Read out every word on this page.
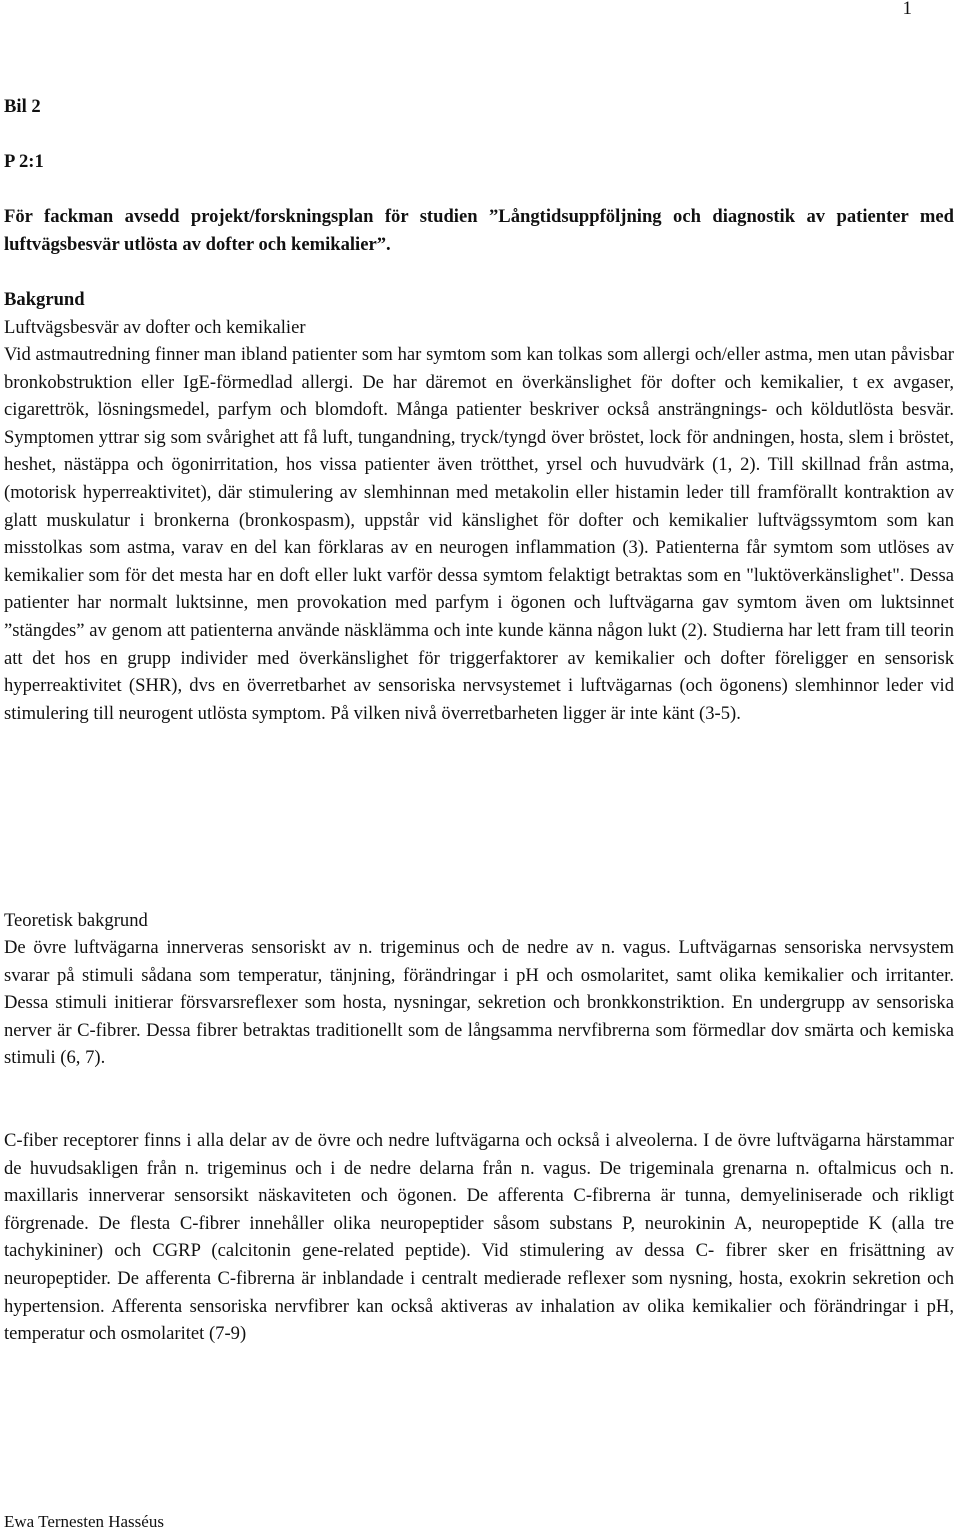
1
Bil 2
P 2:1
För fackman avsedd projekt/forskningsplan för studien ”Långtidsuppföljning och diagnostik av patienter med luftvägsbesvär utlösta av dofter och kemikalier”.
Bakgrund
Luftvägsbesvär av dofter och kemikalier
Vid astmautredning finner man ibland patienter som har symtom som kan tolkas som allergi och/eller astma, men utan påvisbar bronkobstruktion eller IgE-förmedlad allergi. De har däremot en överkänslighet för dofter och kemikalier, t ex avgaser, cigarettrök, lösningsmedel, parfym och blomdoft. Många patienter beskriver också ansträngnings- och köldutlösta besvär. Symptomen yttrar sig som svårighet att få luft, tungandning, tryck/tyngd över bröstet, lock för andningen, hosta, slem i bröstet, heshet, nästäppa och ögonirritation, hos vissa patienter även trötthet, yrsel och huvudvärk (1, 2). Till skillnad från astma, (motorisk hyperreaktivitet), där stimulering av slemhinnan med metakolin eller histamin leder till framförallt kontraktion av glatt muskulatur i bronkerna (bronkospasm), uppstår vid känslighet för dofter och kemikalier luftvägssymtom som kan misstolkas som astma, varav en del kan förklaras av en neurogen inflammation (3). Patienterna får symtom som utlöses av kemikalier som för det mesta har en doft eller lukt varför dessa symtom felaktigt betraktas som en "luktöverkänslighet". Dessa patienter har normalt luktsinne, men provokation med parfym i ögonen och luftvägarna gav symtom även om luktsinnet ”stängdes” av genom att patienterna använde näsklämma och inte kunde känna någon lukt (2). Studierna har lett fram till teorin att det hos en grupp individer med överkänslighet för triggerfaktorer av kemikalier och dofter föreligger en sensorisk hyperreaktivitet (SHR), dvs en överretbarhet av sensoriska nervsystemet i luftvägarnas (och ögonens) slemhinnor leder vid stimulering till neurogent utlösta symptom. På vilken nivå överretbarheten ligger är inte känt (3-5).
Teoretisk bakgrund
De övre luftvägarna innerveras sensoriskt av n. trigeminus och de nedre av n. vagus. Luftvägarnas sensoriska nervsystem svarar på stimuli sådana som temperatur, tänjning, förändringar i pH och osmolaritet, samt olika kemikalier och irritanter. Dessa stimuli initierar försvarsreflexer som hosta, nysningar, sekretion och bronkkonstriktion. En undergrupp av sensoriska nerver är C-fibrer. Dessa fibrer betraktas traditionellt som de långsamma nervfibrerna som förmedlar dov smärta och kemiska stimuli (6, 7).
C-fiber receptorer finns i alla delar av de övre och nedre luftvägarna och också i alveolerna. I de övre luftvägarna härstammar de huvudsakligen från n. trigeminus och i de nedre delarna från n. vagus. De trigeminala grenarna n. oftalmicus och n. maxillaris innerverar sensorsikt näskaviteten och ögonen. De afferenta C-fibrerna är tunna, demyeliniserade och rikligt förgrenade. De flesta C-fibrer innehåller olika neuropeptider såsom substans P, neurokinin A, neuropeptide K (alla tre tachykininer) och CGRP (calcitonin gene-related peptide). Vid stimulering av dessa C- fibrer sker en frisättning av neuropeptider. De afferenta C-fibrerna är inblandade i centralt medierade reflexer som nysning, hosta, exokrin sekretion och hypertension. Afferenta sensoriska nervfibrer kan också aktiveras av inhalation av olika kemikalier och förändringar i pH, temperatur och osmolaritet (7-9)
Ewa Ternesten Hasséus
